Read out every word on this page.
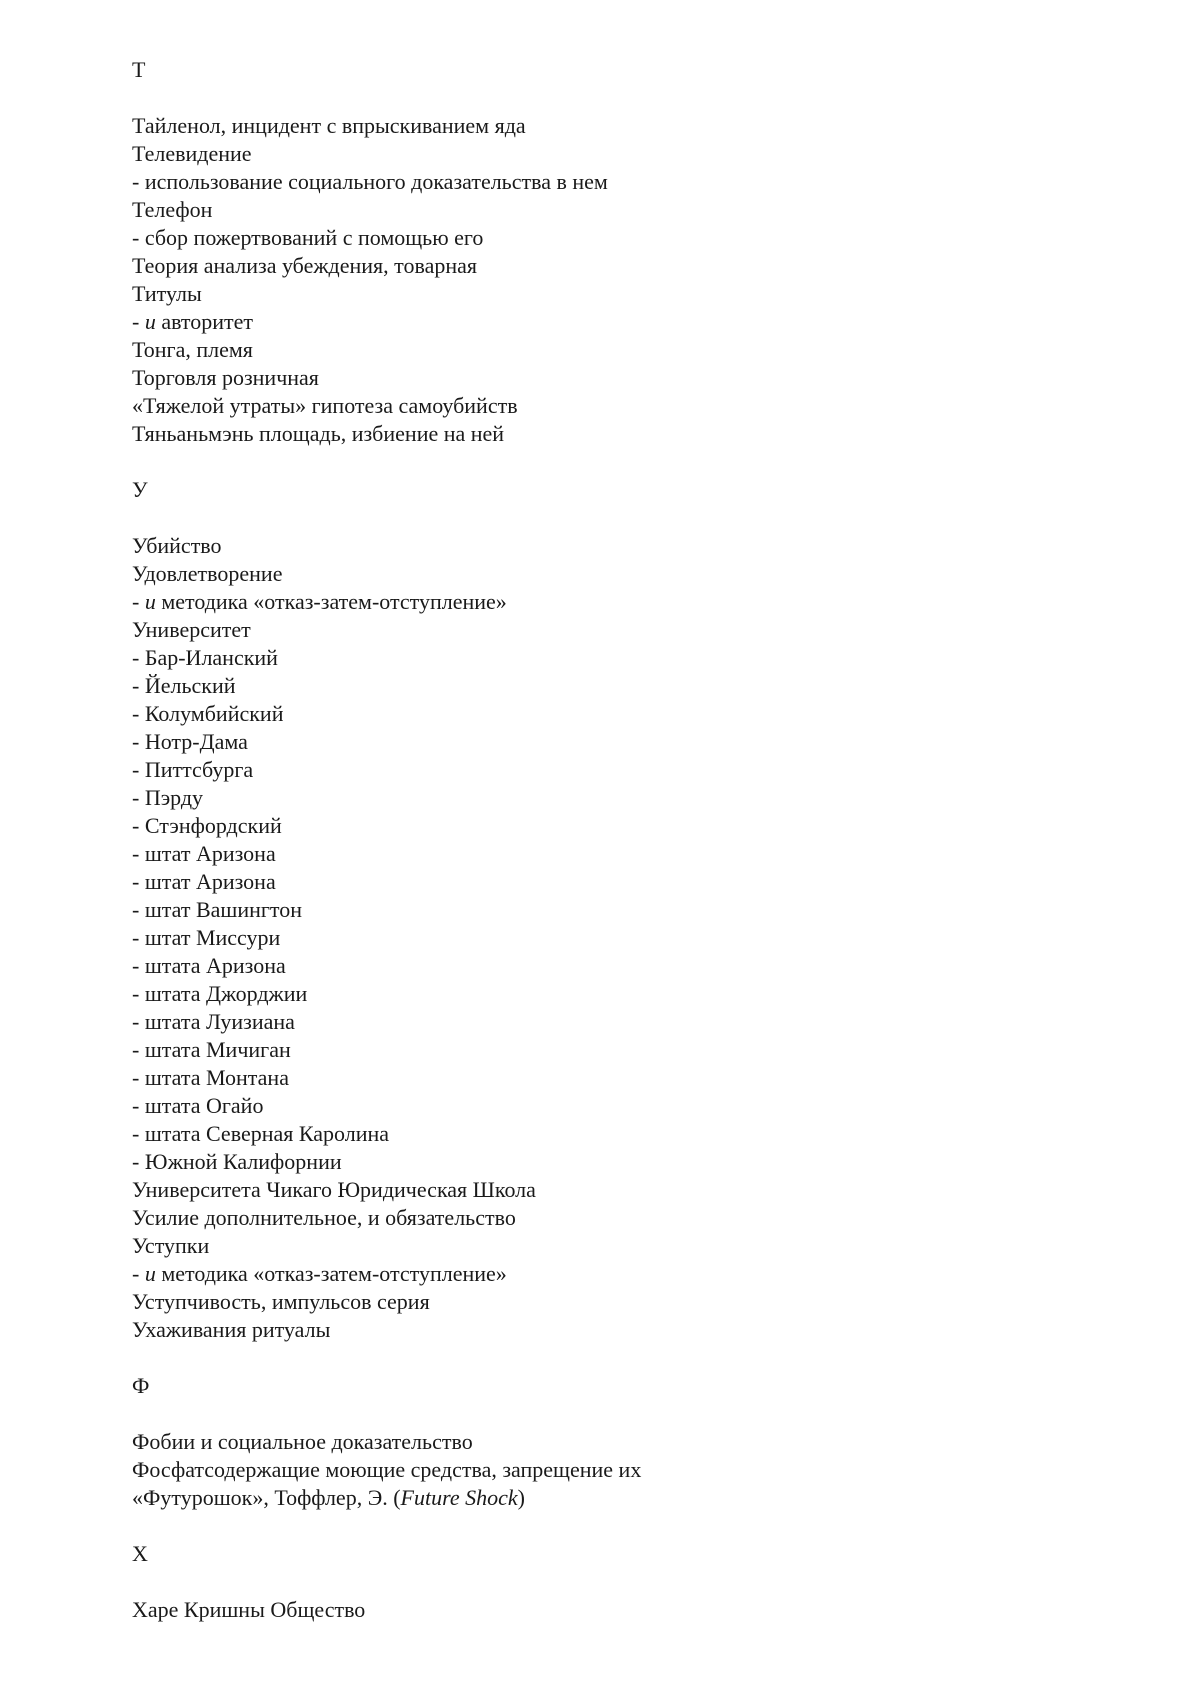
Т
Тайленол, инцидент с впрыскиванием яда
Телевидение
- использование социального доказательства в нем
Телефон
- сбор пожертвований с помощью его
Теория анализа убеждения, товарная
Титулы
- и авторитет
Тонга, племя
Торговля розничная
«Тяжелой утраты» гипотеза самоубийств
Тяньаньмэнь площадь, избиение на ней
У
Убийство
Удовлетворение
- и методика «отказ-затем-отступление»
Университет
- Бар-Иланский
- Йельский
- Колумбийский
- Нотр-Дама
- Питтсбурга
- Пэрду
- Стэнфордский
- штат Аризона
- штат Аризона
- штат Вашингтон
- штат Миссури
- штата Аризона
- штата Джорджии
- штата Луизиана
- штата Мичиган
- штата Монтана
- штата Огайо
- штата Северная Каролина
- Южной Калифорнии
Университета Чикаго Юридическая Школа
Усилие дополнительное, и обязательство
Уступки
- и методика «отказ-затем-отступление»
Уступчивость, импульсов серия
Ухаживания ритуалы
Ф
Фобии и социальное доказательство
Фосфатсодержащие моющие средства, запрещение их
«Футурошок», Тоффлер, Э. (Future Shock)
Х
Харе Кришны Общество
